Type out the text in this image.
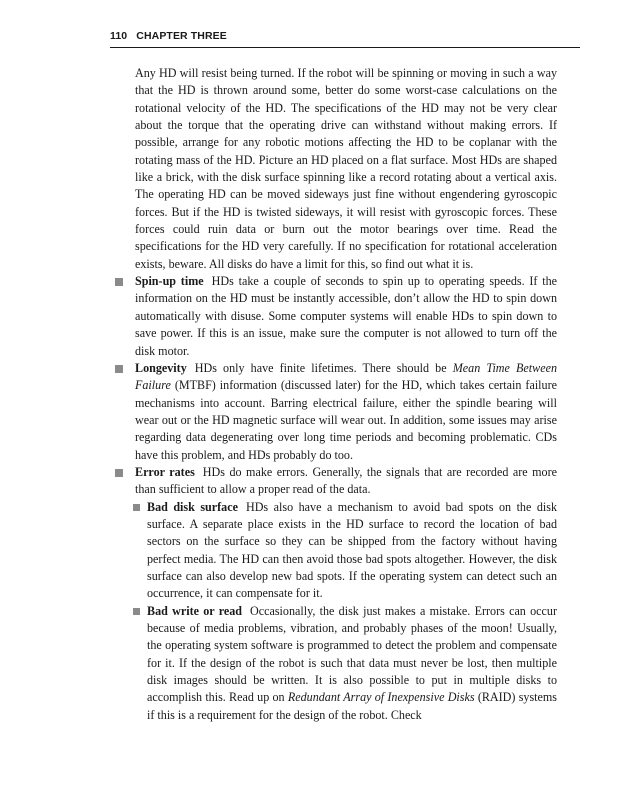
110 CHAPTER THREE

Any HD will resist being turned. If the robot will be spinning or moving in such a way that the HD is thrown around some, better do some worst-case calculations on the rotational velocity of the HD. The specifications of the HD may not be very clear about the torque that the operating drive can withstand without making errors. If possible, arrange for any robotic motions affecting the HD to be coplanar with the rotating mass of the HD. Picture an HD placed on a flat surface. Most HDs are shaped like a brick, with the disk surface spinning like a record rotating about a vertical axis. The operating HD can be moved sideways just fine without engendering gyroscopic forces. But if the HD is twisted sideways, it will resist with gyroscopic forces. These forces could ruin data or burn out the motor bearings over time. Read the specifications for the HD very carefully. If no specification for rotational acceleration exists, beware. All disks do have a limit for this, so find out what it is.

Spin-up time HDs take a couple of seconds to spin up to operating speeds. If the information on the HD must be instantly accessible, don’t allow the HD to spin down automatically with disuse. Some computer systems will enable HDs to spin down to save power. If this is an issue, make sure the computer is not allowed to turn off the disk motor.
Longevity HDs only have finite lifetimes. There should be Mean Time Between Failure (MTBF) information (discussed later) for the HD, which takes certain failure mechanisms into account. Barring electrical failure, either the spindle bearing will wear out or the HD magnetic surface will wear out. In addition, some issues may arise regarding data degenerating over long time periods and becoming problematic. CDs have this problem, and HDs probably do too.
Error rates HDs do make errors. Generally, the signals that are recorded are more than sufficient to allow a proper read of the data.
Bad disk surface HDs also have a mechanism to avoid bad spots on the disk surface. A separate place exists in the HD surface to record the location of bad sectors on the surface so they can be shipped from the factory without having perfect media. The HD can then avoid those bad spots altogether. However, the disk surface can also develop new bad spots. If the operating system can detect such an occurrence, it can compensate for it.
Bad write or read Occasionally, the disk just makes a mistake. Errors can occur because of media problems, vibration, and probably phases of the moon! Usually, the operating system software is programmed to detect the problem and compensate for it. If the design of the robot is such that data must never be lost, then multiple disk images should be written. It is also possible to put in multiple disks to accomplish this. Read up on Redundant Array of Inexpensive Disks (RAID) systems if this is a requirement for the design of the robot. Check
